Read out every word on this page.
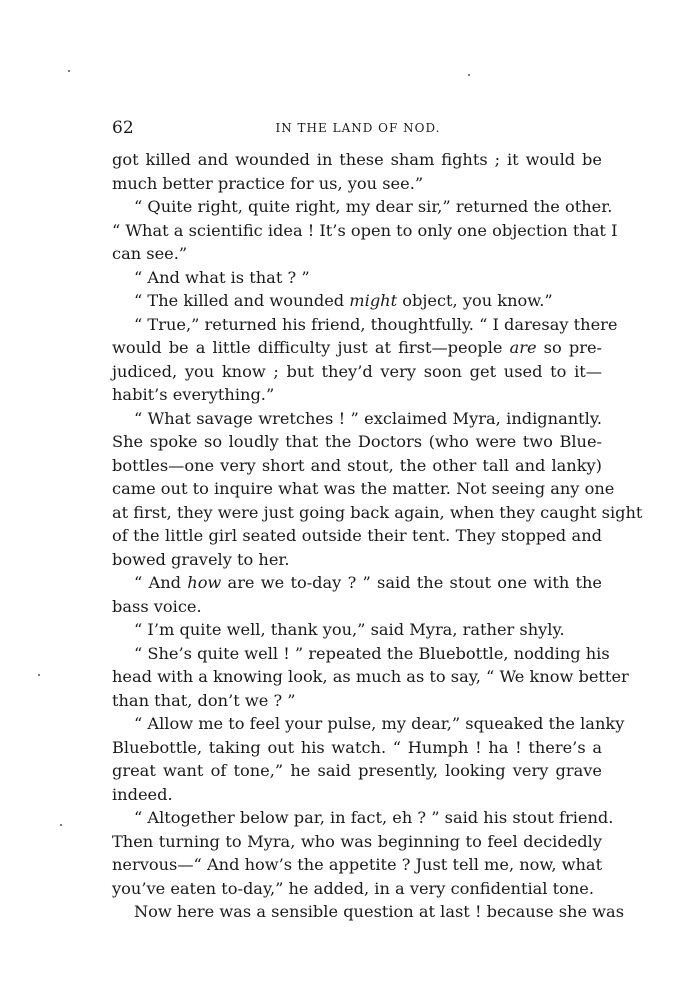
62	IN THE LAND OF NOD.
got killed and wounded in these sham fights ; it would be
much better practice for us, you see.”
“ Quite right, quite right, my dear sir,” returned the other.
“ What a scientific idea ! It’s open to only one objection that I
can see.”
“ And what is that ? ”
“ The killed and wounded might object, you know.”
“ True,” returned his friend, thoughtfully. “ I daresay there
would be a little difficulty just at first—people are so pre-
judiced, you know ; but they’d very soon get used to it—
habit’s everything.”
“ What savage wretches ! ” exclaimed Myra, indignantly.
She spoke so loudly that the Doctors (who were two Blue-
bottles—one very short and stout, the other tall and lanky)
came out to inquire what was the matter. Not seeing any one
at first, they were just going back again, when they caught sight
of the little girl seated outside their tent. They stopped and
bowed gravely to her.
“ And how are we to-day ? ” said the stout one with the
bass voice.
“ I’m quite well, thank you,” said Myra, rather shyly.
“ She’s quite well ! ” repeated the Bluebottle, nodding his
head with a knowing look, as much as to say, “ We know better
than that, don’t we ? ”
“ Allow me to feel your pulse, my dear,” squeaked the lanky
Bluebottle, taking out his watch. “ Humph ! ha ! there’s a
great want of tone,” he said presently, looking very grave
indeed.
“ Altogether below par, in fact, eh ? ” said his stout friend.
Then turning to Myra, who was beginning to feel decidedly
nervous—“ And how’s the appetite ? Just tell me, now, what
you’ve eaten to-day,” he added, in a very confidential tone.
Now here was a sensible question at last ! because she was
